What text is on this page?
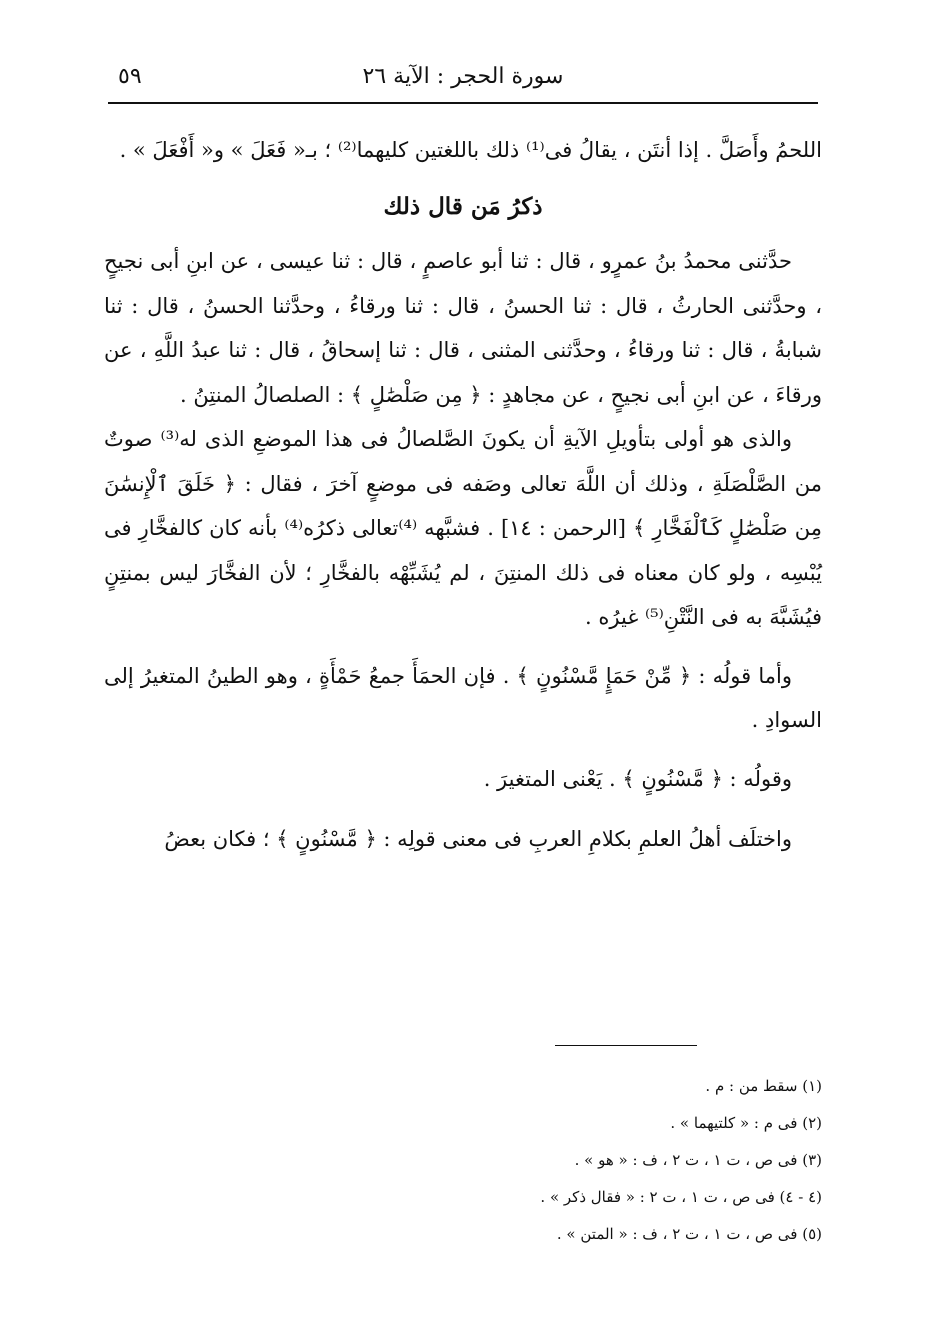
سورة الحجر : الآية ٢٦
٥٩

اللحمُ وأَصَلَّ . إذا أنتَن ، يقالُ فى⁽¹⁾ ذلك باللغتين كليهما⁽²⁾ ؛ بـ« فَعَلَ » و« أَفْعَلَ » .

ذكرُ مَن قال ذلك

حدَّثنى محمدُ بنُ عمرٍو ، قال : ثنا أبو عاصمٍ ، قال : ثنا عيسى ، عن ابنِ أبى نجيحٍ ، وحدَّثنى الحارثُ ، قال : ثنا الحسنُ ، قال : ثنا ورقاءُ ، وحدَّثنا الحسنُ ، قال : ثنا شبابةُ ، قال : ثنا ورقاءُ ، وحدَّثنى المثنى ، قال : ثنا إسحاقُ ، قال : ثنا عبدُ اللَّهِ ، عن ورقاءَ ، عن ابنِ أبى نجيحٍ ، عن مجاهدٍ : ﴿ مِن صَلْصَٰلٍ ﴾ : الصلصالُ المنتِنُ .

والذى هو أولى بتأويلِ الآيةِ أن يكونَ الصَّلصالُ فى هذا الموضعِ الذى له⁽³⁾ صوتٌ من الصَّلْصَلَةِ ، وذلك أن اللَّهَ تعالى وصَفه فى موضعٍ آخرَ ، فقال : ﴿ خَلَقَ ٱلْإِنسَٰنَ مِن صَلْصَٰلٍ كَٱلْفَخَّارِ ﴾ [الرحمن : ١٤] . فشبَّهه ⁽⁴⁾تعالى ذكرُه⁽⁴⁾ بأنه كان كالفخَّارِ فى يُبْسِه ، ولو كان معناه فى ذلك المنتِنَ ، لم يُشَبِّهْه بالفخَّارِ ؛ لأن الفخَّارَ ليس بمنتِنٍ فيُشَبَّهَ به فى النَّتْنِ⁽⁵⁾ غيرُه .

وأما قولُه : ﴿ مِّنْ حَمَإٍ مَّسْنُونٍ ﴾ . فإن الحمَأَ جمعُ حَمْأَةٍ ، وهو الطينُ المتغيرُ إلى السوادِ .

وقولُه : ﴿ مَّسْنُونٍ ﴾ . يَعْنى المتغيرَ .

واختلَف أهلُ العلمِ بكلامِ العربِ فى معنى قولِه : ﴿ مَّسْنُونٍ ﴾ ؛ فكان بعضُ

(١) سقط من : م .
(٢) فى م : « كلتيهما » .
(٣) فى ص ، ت ١ ، ت ٢ ، ف : « هو » .
(٤ - ٤) فى ص ، ت ١ ، ت ٢ : « فقال ذكر » .
(٥) فى ص ، ت ١ ، ت ٢ ، ف : « المتن » .
